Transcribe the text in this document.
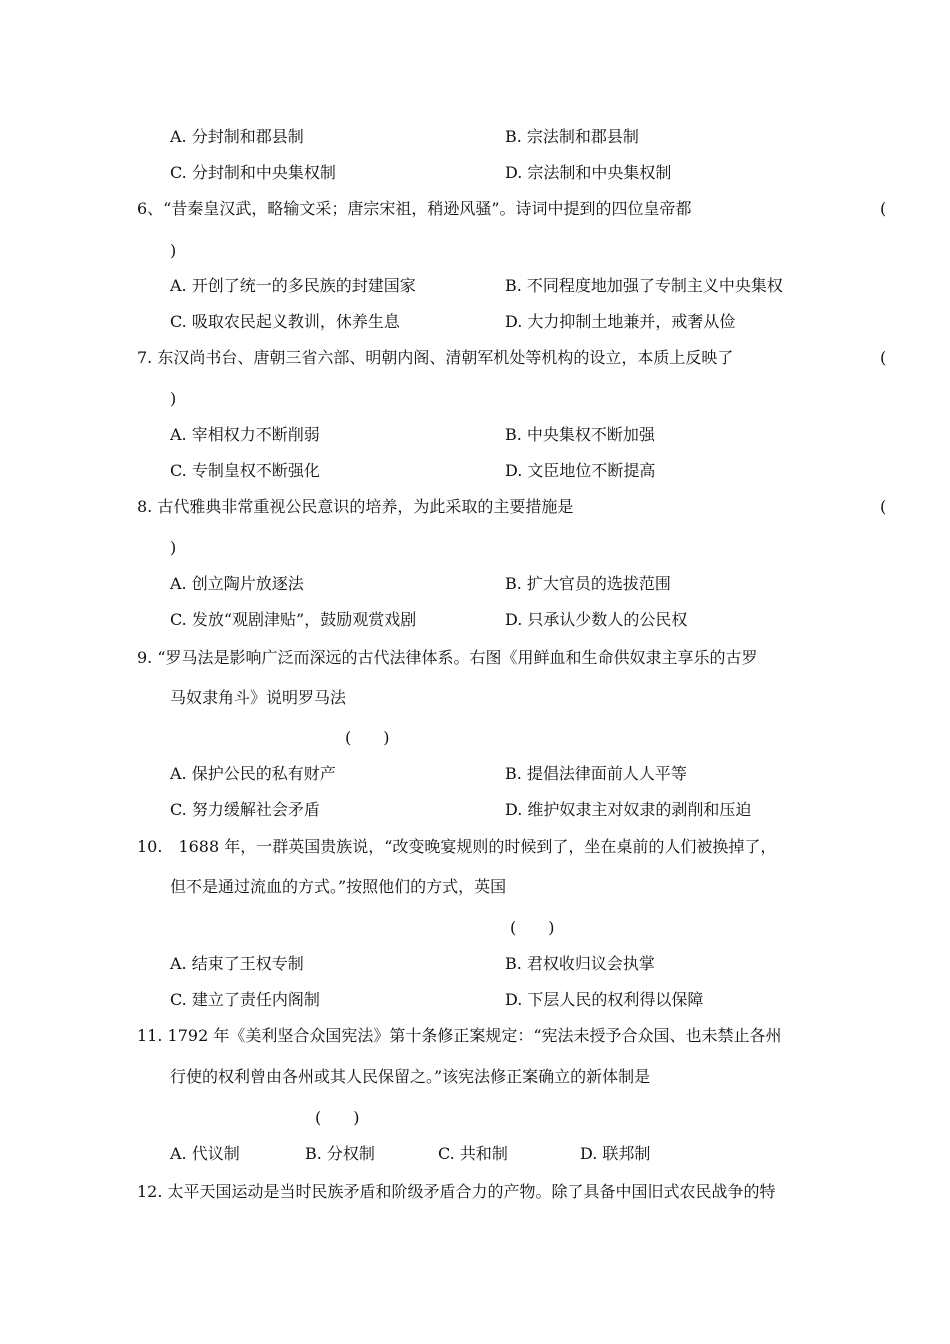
A. 分封制和郡县制	B. 宗法制和郡县制
C. 分封制和中央集权制	D. 宗法制和中央集权制
6、“昔秦皇汉武，略输文采；唐宗宋祖，稍逊风骚”。诗词中提到的四位皇帝都	(
)
A. 开创了统一的多民族的封建国家	B. 不同程度地加强了专制主义中央集权
C. 吸取农民起义教训，休养生息	D. 大力抑制土地兼并，戒奢从俭
7. 东汉尚书台、唐朝三省六部、明朝内阁、清朝军机处等机构的设立，本质上反映了	(
)
A. 宰相权力不断削弱	B. 中央集权不断加强
C. 专制皇权不断强化	D. 文臣地位不断提高
8. 古代雅典非常重视公民意识的培养，为此采取的主要措施是	(
)
A. 创立陶片放逐法	B. 扩大官员的选拔范围
C. 发放“观剧津贴”，鼓励观赏戏剧	D. 只承认少数人的公民权
9. “罗马法是影响广泛而深远的古代法律体系。右图《用鲜血和生命供奴隶主享乐的古罗
马奴隶角斗》说明罗马法
(　　)
A. 保护公民的私有财产	B. 提倡法律面前人人平等
C. 努力缓解社会矛盾	D. 维护奴隶主对奴隶的剥削和压迫
10.　1688 年，一群英国贵族说，“改变晚宴规则的时候到了，坐在桌前的人们被换掉了，
但不是通过流血的方式。”按照他们的方式，英国
(　　)
A. 结束了王权专制	B. 君权收归议会执掌
C. 建立了责任内阁制	D. 下层人民的权利得以保障
11. 1792 年《美利坚合众国宪法》第十条修正案规定：“宪法未授予合众国、也未禁止各州
行使的权利曾由各州或其人民保留之。”该宪法修正案确立的新体制是
(　　)
A. 代议制	B. 分权制	C. 共和制	D. 联邦制
12. 太平天国运动是当时民族矛盾和阶级矛盾合力的产物。除了具备中国旧式农民战争的特
